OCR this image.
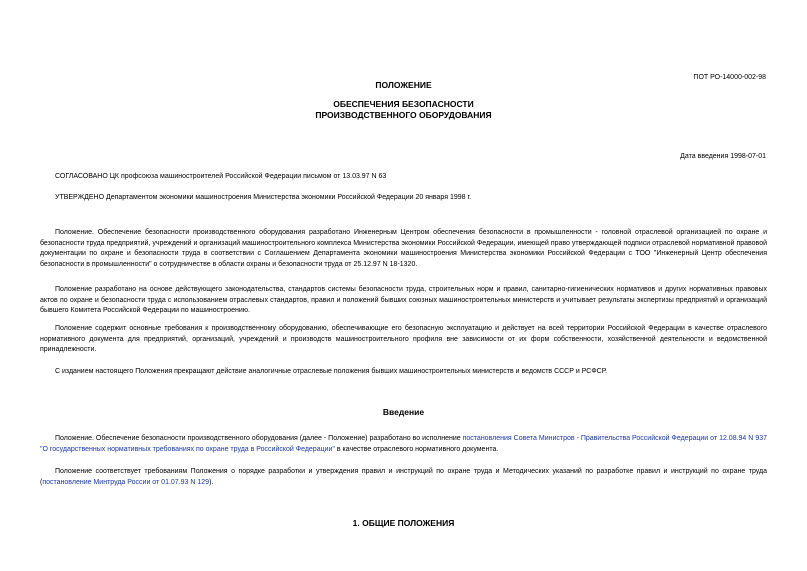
ПОТ РО-14000-002-98
ПОЛОЖЕНИЕ
ОБЕСПЕЧЕНИЯ БЕЗОПАСНОСТИ
ПРОИЗВОДСТВЕННОГО ОБОРУДОВАНИЯ
Дата введения 1998-07-01
СОГЛАСОВАНО ЦК профсоюза машиностроителей Российской Федерации письмом от 13.03.97 N 63
УТВЕРЖДЕНО Департаментом экономики машиностроения Министерства экономики Российской Федерации 20 января 1998 г.

Положение. Обеспечение безопасности производственного оборудования разработано Инженерным Центром обеспечения безопасности в промышленности - головной отраслевой организацией по охране и безопасности труда предприятий, учреждений и организаций машиностроительного комплекса Министерства экономики Российской Федерации, имеющей право утверждающей подписи отраслевой нормативной правовой документации по охране и безопасности труда в соответствии с Соглашением Департамента экономики машиностроения Министерства экономики Российской Федерации с ТОО "Инженерный Центр обеспечения безопасности в промышленности" о сотрудничестве в области охраны и безопасности труда от 25.12.97 N 18-1320.

Положение разработано на основе действующего законодательства, стандартов системы безопасности труда, строительных норм и правил, санитарно-гигиенических нормативов и других нормативных правовых актов по охране и безопасности труда с использованием отраслевых стандартов, правил и положений бывших союзных машиностроительных министерств и учитывает результаты экспертизы предприятий и организаций бывшего Комитета Российской Федерации по машиностроению.

Положение содержит основные требования к производственному оборудованию, обеспечивающие его безопасную эксплуатацию и действует на всей территории Российской Федерации в качестве отраслевого нормативного документа для предприятий, организаций, учреждений и производств машиностроительного профиля вне зависимости от их форм собственности, хозяйственной деятельности и ведомственной принадлежности.

С изданием настоящего Положения прекращают действие аналогичные отраслевые положения бывших машиностроительных министерств и ведомств СССР и РСФСР.

Введение

Положение. Обеспечение безопасности производственного оборудования (далее - Положение) разработано во исполнение постановления Совета Министров - Правительства Российской Федерации от 12.08.94 N 937 "О государственных нормативных требованиях по охране труда в Российской Федерации" в качестве отраслевого нормативного документа.

Положение соответствует требованиям Положения о порядке разработки и утверждения правил и инструкций по охране труда и Методических указаний по разработке правил и инструкций по охране труда (постановление Минтруда России от 01.07.93 N 129).

1. ОБЩИЕ ПОЛОЖЕНИЯ
